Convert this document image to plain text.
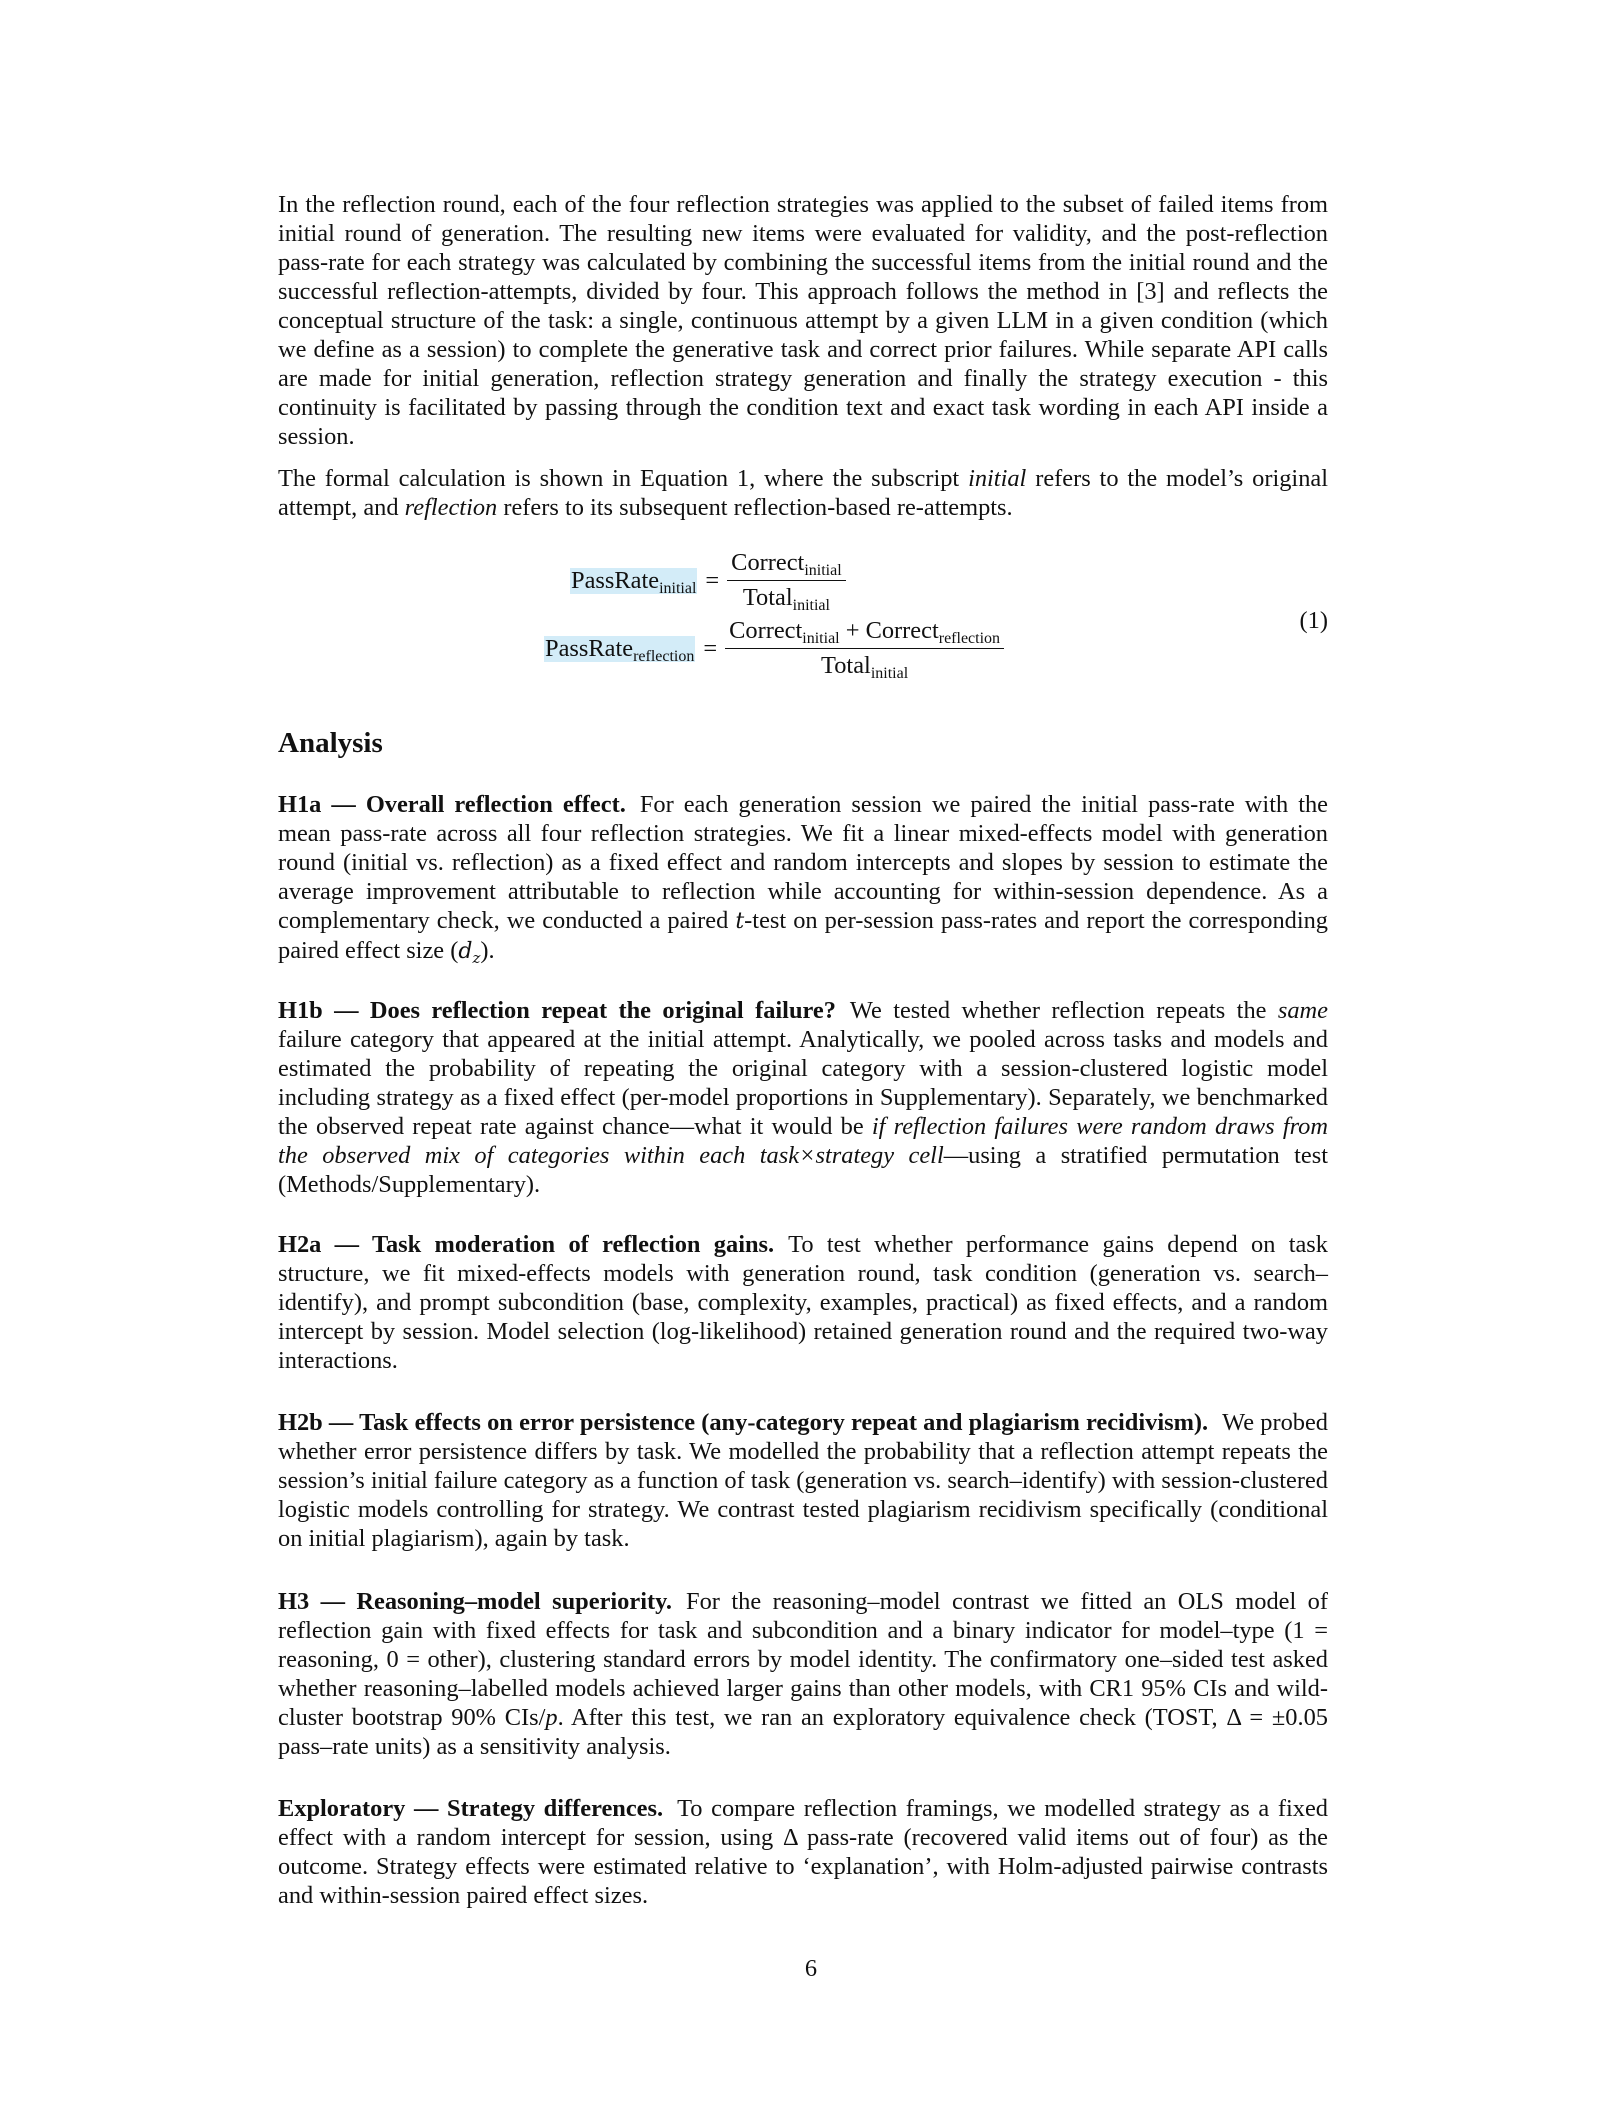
In the reflection round, each of the four reflection strategies was applied to the subset of failed items from initial round of generation. The resulting new items were evaluated for validity, and the post-reflection pass-rate for each strategy was calculated by combining the successful items from the initial round and the successful reflection-attempts, divided by four. This approach follows the method in [3] and reflects the conceptual structure of the task: a single, continuous attempt by a given LLM in a given condition (which we define as a session) to complete the generative task and correct prior failures. While separate API calls are made for initial generation, reflection strategy generation and finally the strategy execution - this continuity is facilitated by passing through the condition text and exact task wording in each API inside a session.

The formal calculation is shown in Equation 1, where the subscript initial refers to the model’s original attempt, and reflection refers to its subsequent reflection-based re-attempts.

PassRate$_{initial}$ = $\frac{Correct_{initial}}{Total_{initial}}$
PassRate$_{reflection}$ = $\frac{Correct_{initial} + Correct_{reflection}}{Total_{initial}}$	(1)
Analysis

H1a — Overall reflection effect. For each generation session we paired the initial pass-rate with the mean pass-rate across all four reflection strategies. We fit a linear mixed-effects model with generation round (initial vs. reflection) as a fixed effect and random intercepts and slopes by session to estimate the average improvement attributable to reflection while accounting for within-session dependence. As a complementary check, we conducted a paired t-test on per-session pass-rates and report the corresponding paired effect size $(d_z)$.

H1b — Does reflection repeat the original failure? We tested whether reflection repeats the same failure category that appeared at the initial attempt. Analytically, we pooled across tasks and models and estimated the probability of repeating the original category with a session-clustered logistic model including strategy as a fixed effect (per-model proportions in Supplementary). Separately, we benchmarked the observed repeat rate against chance—what it would be if reflection failures were random draws from the observed mix of categories within each task×strategy cell—using a stratified permutation test (Methods/Supplementary).

H2a — Task moderation of reflection gains. To test whether performance gains depend on task structure, we fit mixed-effects models with generation round, task condition (generation vs. search–identify), and prompt subcondition (base, complexity, examples, practical) as fixed effects, and a random intercept by session. Model selection (log-likelihood) retained generation round and the required two-way interactions.

H2b — Task effects on error persistence (any-category repeat and plagiarism recidivism). We probed whether error persistence differs by task. We modelled the probability that a reflection attempt repeats the session’s initial failure category as a function of task (generation vs. search–identify) with session-clustered logistic models controlling for strategy. We contrast tested plagiarism recidivism specifically (conditional on initial plagiarism), again by task.

H3 — Reasoning–model superiority. For the reasoning–model contrast we fitted an OLS model of reflection gain with fixed effects for task and subcondition and a binary indicator for model–type (1 = reasoning, 0 = other), clustering standard errors by model identity. The confirmatory one–sided test asked whether reasoning–labelled models achieved larger gains than other models, with CR1 95% CIs and wild-cluster bootstrap 90% CIs/p. After this test, we ran an exploratory equivalence check (TOST, Δ = ±0.05 pass–rate units) as a sensitivity analysis.

Exploratory — Strategy differences. To compare reflection framings, we modelled strategy as a fixed effect with a random intercept for session, using Δ pass-rate (recovered valid items out of four) as the outcome. Strategy effects were estimated relative to ‘explanation’, with Holm-adjusted pairwise contrasts and within-session paired effect sizes.

6
